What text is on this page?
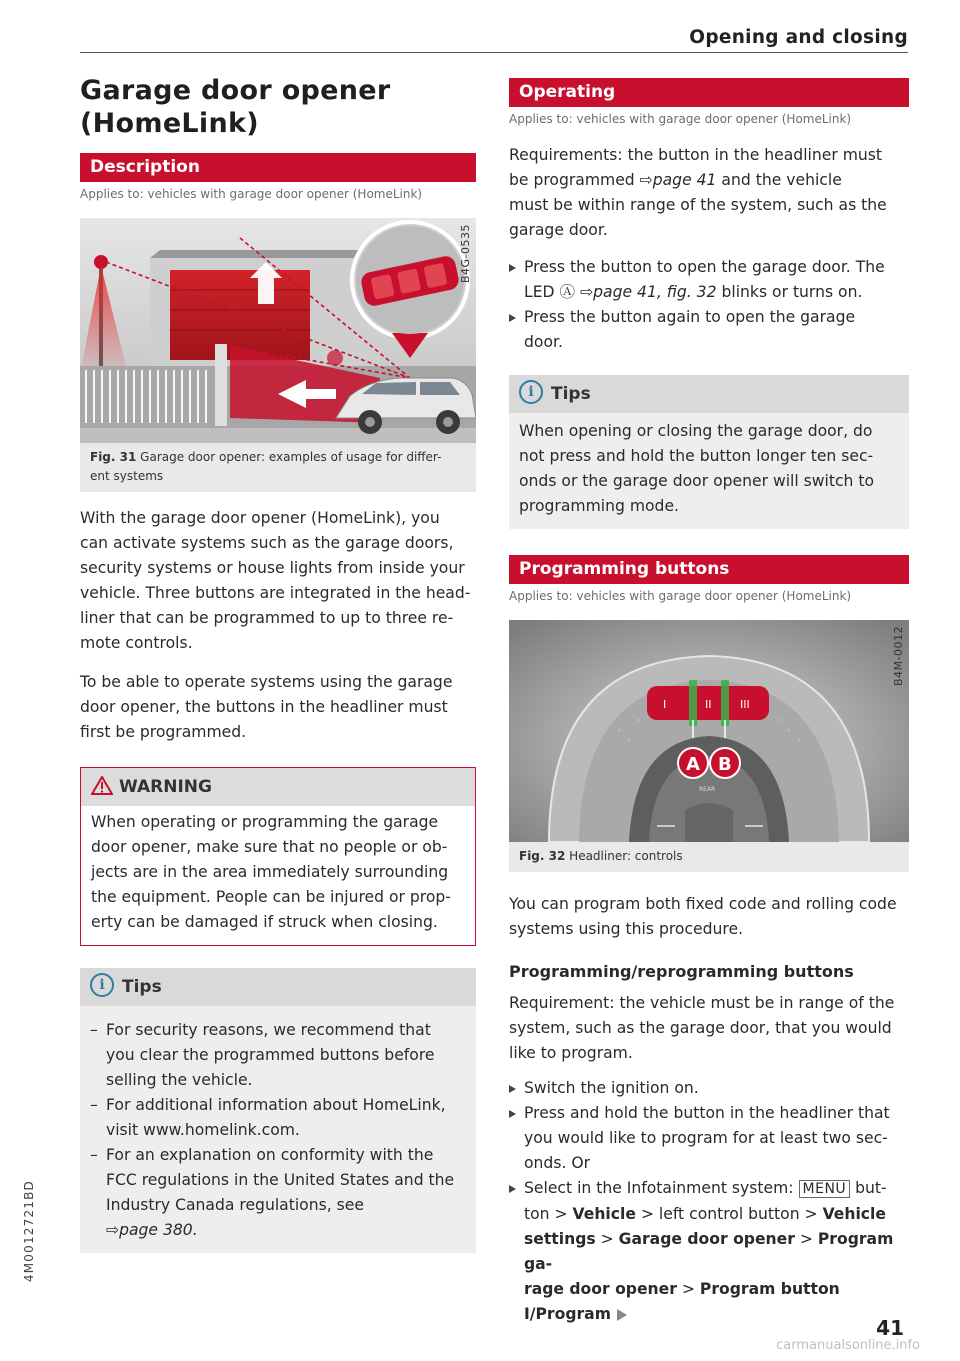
Opening and closing
Garage door opener
(HomeLink)
Description
Applies to: vehicles with garage door opener (HomeLink)
B4G-0535
Fig. 31 Garage door opener: examples of usage for differ-
ent systems

With the garage door opener (HomeLink), you
can activate systems such as the garage doors,
security systems or house lights from inside your
vehicle. Three buttons are integrated in the head-
liner that can be programmed to up to three re-
mote controls.

To be able to operate systems using the garage
door opener, the buttons in the headliner must
first be programmed.

WARNING
When operating or programming the garage
door opener, make sure that no people or ob-
jects are in the area immediately surrounding
the equipment. People can be injured or prop-
erty can be damaged if struck when closing.
i Tips
– For security reasons, we recommend that
you clear the programmed buttons before
selling the vehicle.
– For additional information about HomeLink,
visit www.homelink.com.
– For an explanation on conformity with the
FCC regulations in the United States and the
Industry Canada regulations, see
⇨page 380.
Operating
Applies to: vehicles with garage door opener (HomeLink)

Requirements: the button in the headliner must
be programmed ⇨page 41 and the vehicle
must be within range of the system, such as the
garage door.

Press the button to open the garage door. The
LED Ⓐ ⇨page 41, fig. 32 blinks or turns on.
Press the button again to open the garage
door.
i Tips
When opening or closing the garage door, do
not press and hold the button longer ten sec-
onds or the garage door opener will switch to
programming mode.
Programming buttons
Applies to: vehicles with garage door opener (HomeLink)
I	II	III
A B
REAR
B4M-0012
Fig. 32 Headliner: controls

You can program both fixed code and rolling code
systems using this procedure.

Programming/reprogramming buttons

Requirement: the vehicle must be in range of the
system, such as the garage door, that you would
like to program.

Switch the ignition on.
Press and hold the button in the headliner that
you would like to program for at least two sec-
onds. Or
Select in the Infotainment system: MENU but-
ton > Vehicle > left control button > Vehicle
settings > Garage door opener > Program ga-
rage door opener > Program button I/Program
4M0012721BD
41
carmanualsonline.info
